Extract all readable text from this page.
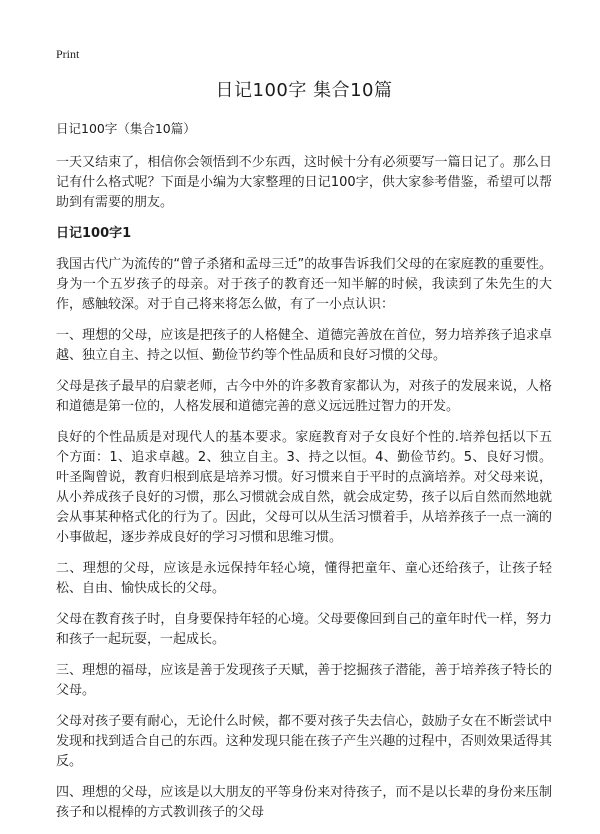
Print
日记100字 集合10篇

日记100字（集合10篇）

一天又结束了，相信你会领悟到不少东西，这时候十分有必须要写一篇日记了。那么日记有什么格式呢？下面是小编为大家整理的日记100字，供大家参考借鉴，希望可以帮助到有需要的朋友。

日记100字1

我国古代广为流传的“曾子杀猪和孟母三迁”的故事告诉我们父母的在家庭教的重要性。身为一个五岁孩子的母亲。对于孩子的教育还一知半解的时候，我读到了朱先生的大作，感触较深。对于自己将来将怎么做，有了一小点认识：

一、理想的父母，应该是把孩子的人格健全、道德完善放在首位，努力培养孩子追求卓越、独立自主、持之以恒、勤俭节约等个性品质和良好习惯的父母。

父母是孩子最早的启蒙老师，古今中外的许多教育家都认为，对孩子的发展来说，人格和道德是第一位的，人格发展和道德完善的意义远远胜过智力的开发。

良好的个性品质是对现代人的基本要求。家庭教育对子女良好个性的.培养包括以下五个方面：1、追求卓越。2、独立自主。3、持之以恒。4、勤俭节约。5、良好习惯。叶圣陶曾说，教育归根到底是培养习惯。好习惯来自于平时的点滴培养。对父母来说，从小养成孩子良好的习惯，那么习惯就会成自然，就会成定势，孩子以后自然而然地就会从事某种格式化的行为了。因此，父母可以从生活习惯着手，从培养孩子一点一滴的小事做起，逐步养成良好的学习习惯和思维习惯。

二、理想的父母，应该是永远保持年轻心境，懂得把童年、童心还给孩子，让孩子轻松、自由、愉快成长的父母。

父母在教育孩子时，自身要保持年轻的心境。父母要像回到自己的童年时代一样，努力和孩子一起玩耍，一起成长。

三、理想的福母，应该是善于发现孩子天赋，善于挖掘孩子潜能，善于培养孩子特长的父母。

父母对孩子要有耐心，无论什么时候，都不要对孩子失去信心，鼓励子女在不断尝试中发现和找到适合自己的东西。这种发现只能在孩子产生兴趣的过程中，否则效果适得其反。

四、理想的父母，应该是以大朋友的平等身份来对待孩子，而不是以长辈的身份来压制孩子和以棍棒的方式教训孩子的父母
